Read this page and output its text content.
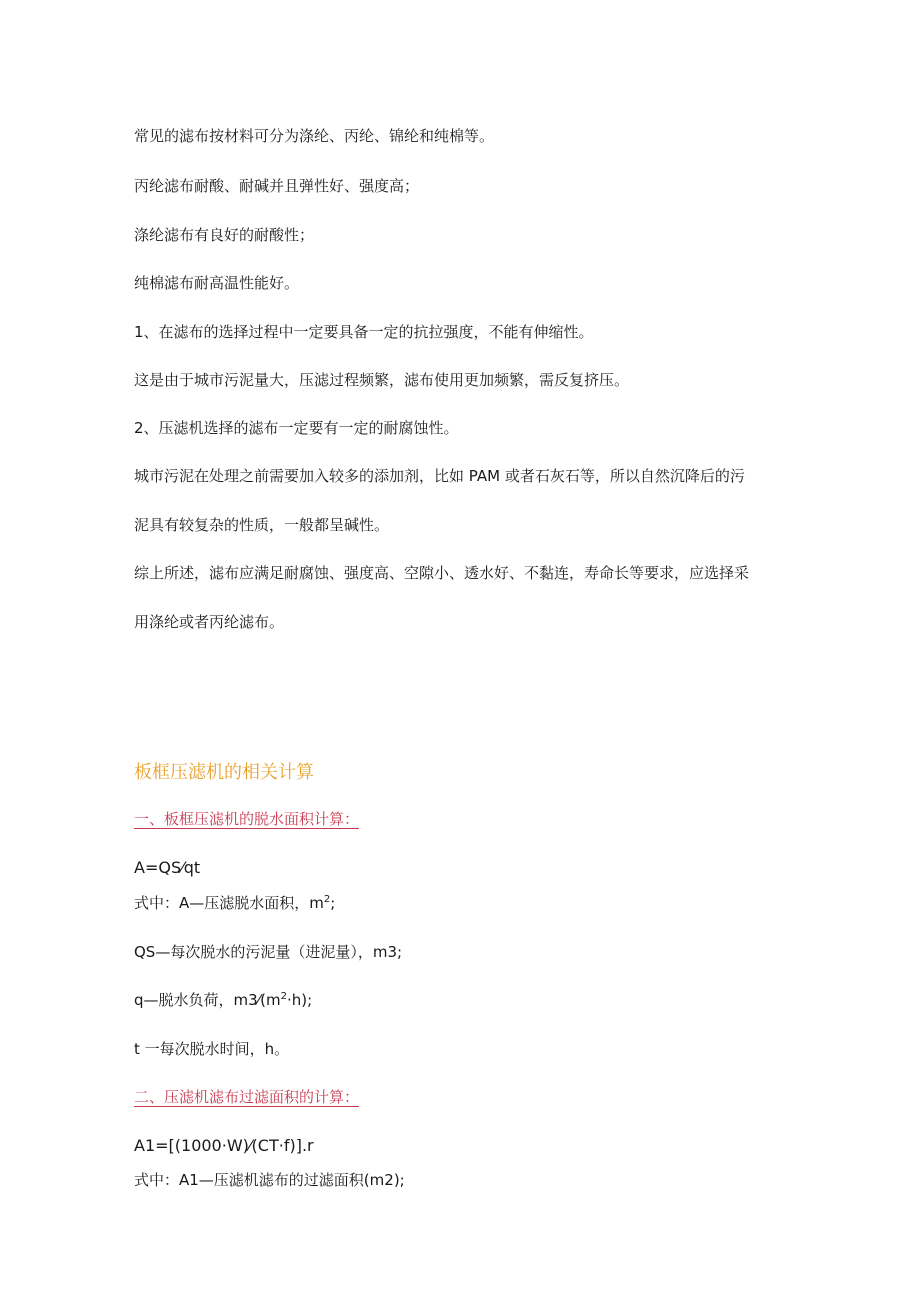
常见的滤布按材料可分为涤纶、丙纶、锦纶和纯棉等。

丙纶滤布耐酸、耐碱并且弹性好、强度高；

涤纶滤布有良好的耐酸性；

纯棉滤布耐高温性能好。

1、在滤布的选择过程中一定要具备一定的抗拉强度，不能有伸缩性。

这是由于城市污泥量大，压滤过程频繁，滤布使用更加频繁，需反复挤压。

2、压滤机选择的滤布一定要有一定的耐腐蚀性。

城市污泥在处理之前需要加入较多的添加剂，比如 PAM 或者石灰石等，所以自然沉降后的污

泥具有较复杂的性质，一般都呈碱性。

综上所述，滤布应满足耐腐蚀、强度高、空隙小、透水好、不黏连，寿命长等要求，应选择采

用涤纶或者丙纶滤布。

板框压滤机的相关计算

一、板框压滤机的脱水面积计算：

A=QS⁄qt

式中：A—压滤脱水面积，$m^2$;

QS—每次脱水的污泥量（进泥量），m3;

q—脱水负荷，$m3⁄(m^2\cdot h)$;

t 一每次脱水时间，h。

二、压滤机滤布过滤面积的计算：

A1=[(1000·W)⁄(CT·f)].r

式中：A1—压滤机滤布的过滤面积(m2);
